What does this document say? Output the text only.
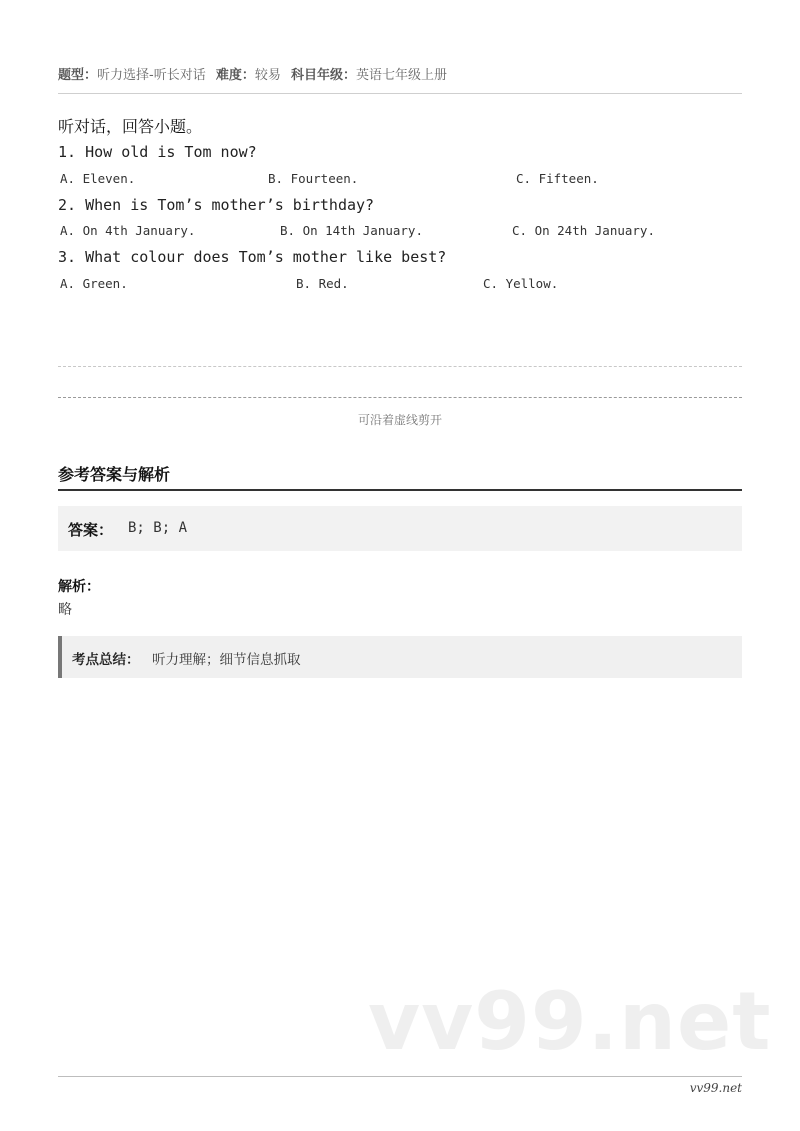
题型：听力选择-听长对话 难度：较易 科目年级：英语七年级上册
听对话，回答小题。
1. How old is Tom now?
A. Eleven.	B. Fourteen.	C. Fifteen.
2. When is Tom’s mother’s birthday?
A. On 4th January.	B. On 14th January.	C. On 24th January.
3. What colour does Tom’s mother like best?
A. Green.	B. Red.	C. Yellow.
可沿着虚线剪开
参考答案与解析
答案： B; B; A
解析：
略
考点总结： 听力理解；细节信息抓取
vv99.net
vv99.net
